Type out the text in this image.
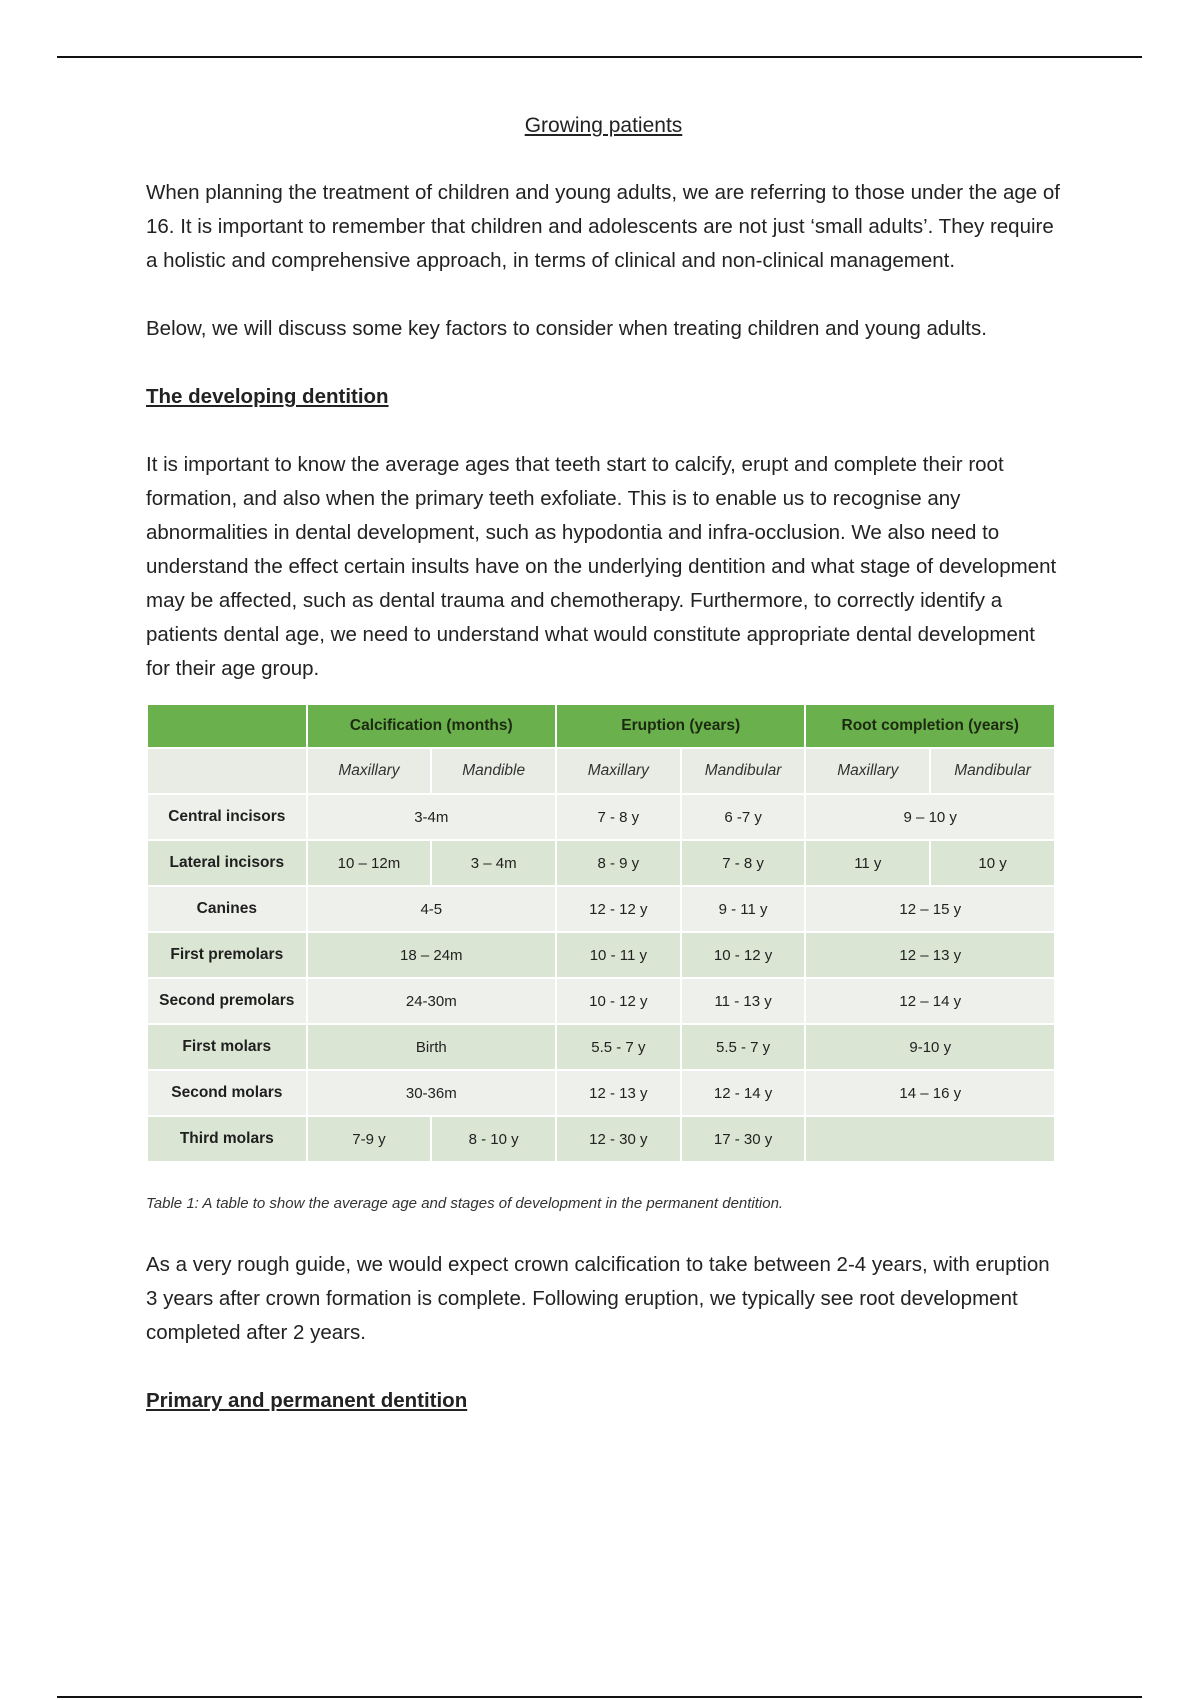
Growing patients

When planning the treatment of children and young adults, we are referring to those under the age of 16. It is important to remember that children and adolescents are not just ‘small adults’. They require a holistic and comprehensive approach, in terms of clinical and non-clinical management.

Below, we will discuss some key factors to consider when treating children and young adults.

The developing dentition

It is important to know the average ages that teeth start to calcify, erupt and complete their root formation, and also when the primary teeth exfoliate. This is to enable us to recognise any abnormalities in dental development, such as hypodontia and infra-occlusion. We also need to understand the effect certain insults have on the underlying dentition and what stage of development may be affected, such as dental trauma and chemotherapy. Furthermore, to correctly identify a patients dental age, we need to understand what would constitute appropriate dental development for their age group.

	Calcification (months)		Eruption (years)		Root completion (years)	
	Maxillary	Mandible	Maxillary	Mandibular	Maxillary	Mandibular
Central incisors	3-4m		7 - 8 y	6 -7 y	9 – 10 y	
Lateral incisors	10 – 12m	3 – 4m	8 - 9 y	7 - 8 y	11 y	10 y
Canines	4-5		12 - 12 y	9 - 11 y	12 – 15 y	
First premolars	18 – 24m		10 - 11 y	10 - 12 y	12 – 13 y	
Second premolars	24-30m		10 - 12 y	11 - 13 y	12 – 14 y	
First molars	Birth		5.5 - 7 y	5.5 - 7 y	9-10 y	
Second molars	30-36m		12 - 13 y	12 - 14 y	14 – 16 y	
Third molars	7-9 y	8 - 10 y	12 - 30 y	17 - 30 y		
Table 1: A table to show the average age and stages of development in the permanent dentition.

As a very rough guide, we would expect crown calcification to take between 2-4 years, with eruption 3 years after crown formation is complete. Following eruption, we typically see root development completed after 2 years.

Primary and permanent dentition
